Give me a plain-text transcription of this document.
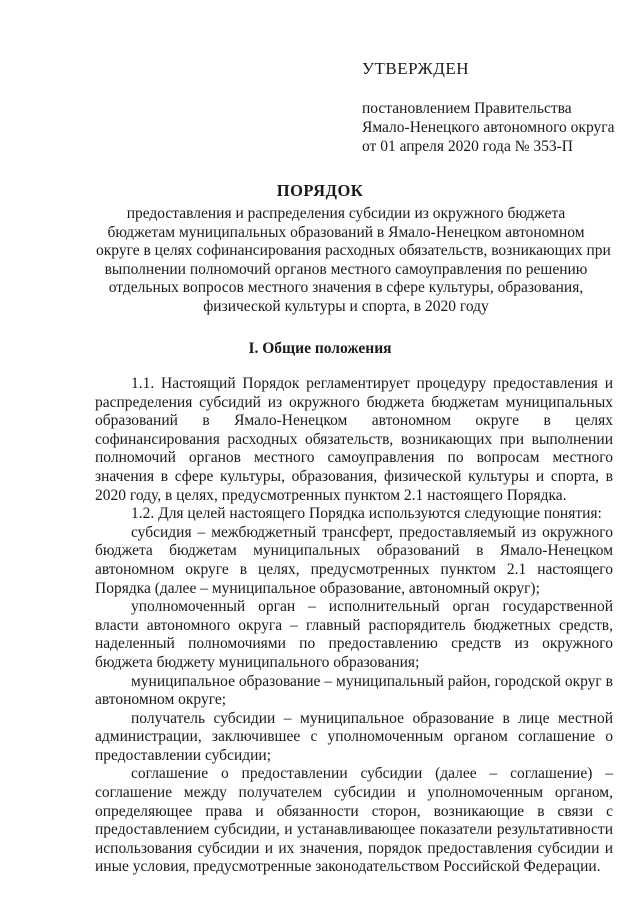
УТВЕРЖДЕН
постановлением Правительства
Ямало-Ненецкого автономного округа
от 01 апреля 2020 года № 353-П
ПОРЯДОК
предоставления и распределения субсидии из окружного бюджета
бюджетам муниципальных образований в Ямало-Ненецком автономном
округе в целях софинансирования расходных обязательств, возникающих при
выполнении полномочий органов местного самоуправления по решению
отдельных вопросов местного значения в сфере культуры, образования,
физической культуры и спорта, в 2020 году
I. Общие положения

1.1. Настоящий Порядок регламентирует процедуру предоставления и распределения субсидий из окружного бюджета бюджетам муниципальных образований в Ямало-Ненецком автономном округе в целях софинансирования расходных обязательств, возникающих при выполнении полномочий органов местного самоуправления по вопросам местного значения в сфере культуры, образования, физической культуры и спорта, в 2020 году, в целях, предусмотренных пунктом 2.1 настоящего Порядка.

1.2. Для целей настоящего Порядка используются следующие понятия:

субсидия – межбюджетный трансферт, предоставляемый из окружного бюджета бюджетам муниципальных образований в Ямало-Ненецком автономном округе в целях, предусмотренных пунктом 2.1 настоящего Порядка (далее – муниципальное образование, автономный округ);

уполномоченный орган – исполнительный орган государственной власти автономного округа – главный распорядитель бюджетных средств, наделенный полномочиями по предоставлению средств из окружного бюджета бюджету муниципального образования;

муниципальное образование – муниципальный район, городской округ в автономном округе;

получатель субсидии – муниципальное образование в лице местной администрации, заключившее с уполномоченным органом соглашение о предоставлении субсидии;

соглашение о предоставлении субсидии (далее – соглашение) – соглашение между получателем субсидии и уполномоченным органом, определяющее права и обязанности сторон, возникающие в связи с предоставлением субсидии, и устанавливающее показатели результативности использования субсидии и их значения, порядок предоставления субсидии и иные условия, предусмотренные законодательством Российской Федерации.
